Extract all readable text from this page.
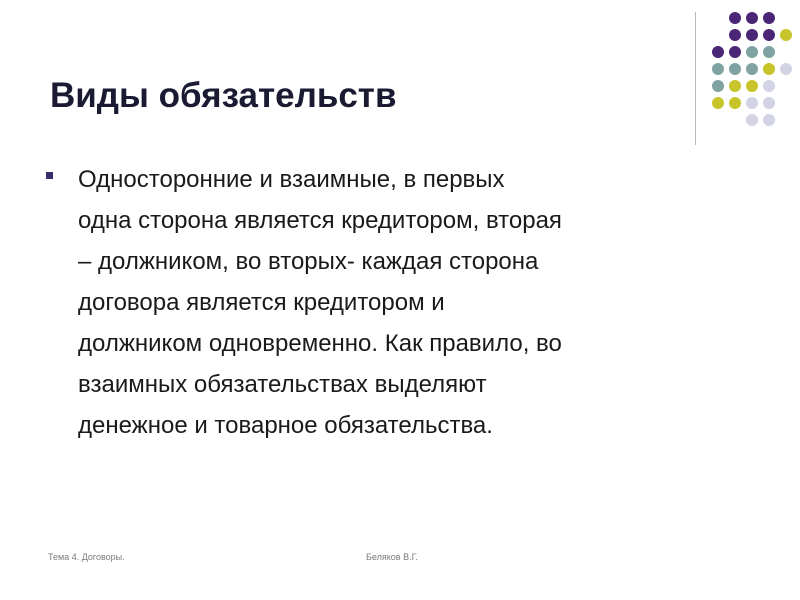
Виды обязательств
Односторонние и взаимные, в первых
одна сторона является кредитором, вторая
– должником, во вторых- каждая сторона
договора является кредитором и
должником одновременно. Как правило, во
взаимных обязательствах выделяют
денежное и товарное обязательства.
Тема 4. Договоры.	Беляков В.Г.
